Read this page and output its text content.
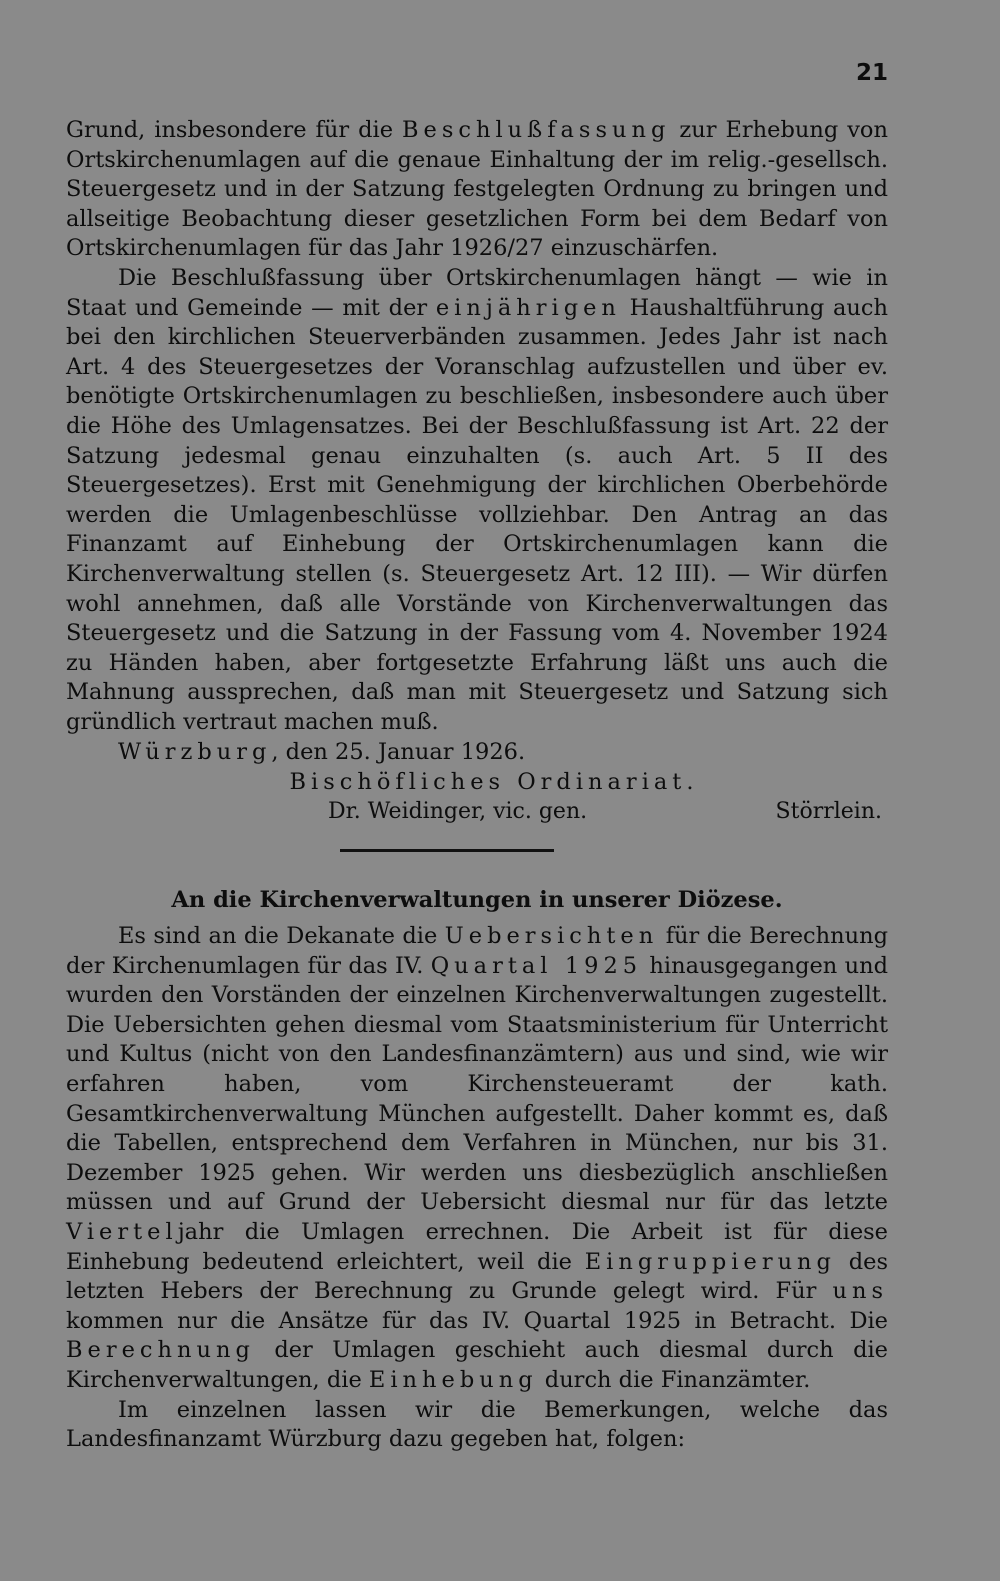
21

Grund, insbesondere für die Beschlußfassung zur Erhebung von Ortskirchenumlagen auf die genaue Einhaltung der im relig.-gesellsch. Steuergesetz und in der Satzung festgelegten Ordnung zu bringen und allseitige Beobachtung dieser gesetzlichen Form bei dem Bedarf von Ortskirchenumlagen für das Jahr 1926/27 einzuschärfen.

Die Beschlußfassung über Ortskirchenumlagen hängt — wie in Staat und Gemeinde — mit der einjährigen Haushaltführung auch bei den kirchlichen Steuerverbänden zusammen. Jedes Jahr ist nach Art. 4 des Steuergesetzes der Voranschlag aufzustellen und über ev. benötigte Ortskirchenumlagen zu beschließen, insbesondere auch über die Höhe des Umlagensatzes. Bei der Beschlußfassung ist Art. 22 der Satzung jedesmal genau einzuhalten (s. auch Art. 5 II des Steuergesetzes). Erst mit Genehmigung der kirchlichen Oberbehörde werden die Umlagenbeschlüsse vollziehbar. Den Antrag an das Finanzamt auf Einhebung der Ortskirchenumlagen kann die Kirchenverwaltung stellen (s. Steuergesetz Art. 12 III). — Wir dürfen wohl annehmen, daß alle Vorstände von Kirchenverwaltungen das Steuergesetz und die Satzung in der Fassung vom 4. November 1924 zu Händen haben, aber fortgesetzte Erfahrung läßt uns auch die Mahnung aussprechen, daß man mit Steuergesetz und Satzung sich gründlich vertraut machen muß.

Würzburg, den 25. Januar 1926.
Bischöfliches Ordinariat.
Dr. Weidinger, vic. gen.	Störrlein.
An die Kirchenverwaltungen in unserer Diözese.

Es sind an die Dekanate die Uebersichten für die Berechnung der Kirchenumlagen für das IV. Quartal 1925 hinausgegangen und wurden den Vorständen der einzelnen Kirchenverwaltungen zugestellt. Die Uebersichten gehen diesmal vom Staatsministerium für Unterricht und Kultus (nicht von den Landesfinanzämtern) aus und sind, wie wir erfahren haben, vom Kirchensteueramt der kath. Gesamtkirchenverwaltung München aufgestellt. Daher kommt es, daß die Tabellen, entsprechend dem Verfahren in München, nur bis 31. Dezember 1925 gehen. Wir werden uns diesbezüglich anschließen müssen und auf Grund der Uebersicht diesmal nur für das letzte Vierteljahr die Umlagen errechnen. Die Arbeit ist für diese Einhebung bedeutend erleichtert, weil die Eingruppierung des letzten Hebers der Berechnung zu Grunde gelegt wird. Für uns kommen nur die Ansätze für das IV. Quartal 1925 in Betracht. Die Berechnung der Umlagen geschieht auch diesmal durch die Kirchenverwaltungen, die Einhebung durch die Finanzämter.

Im einzelnen lassen wir die Bemerkungen, welche das Landesfinanzamt Würzburg dazu gegeben hat, folgen:
